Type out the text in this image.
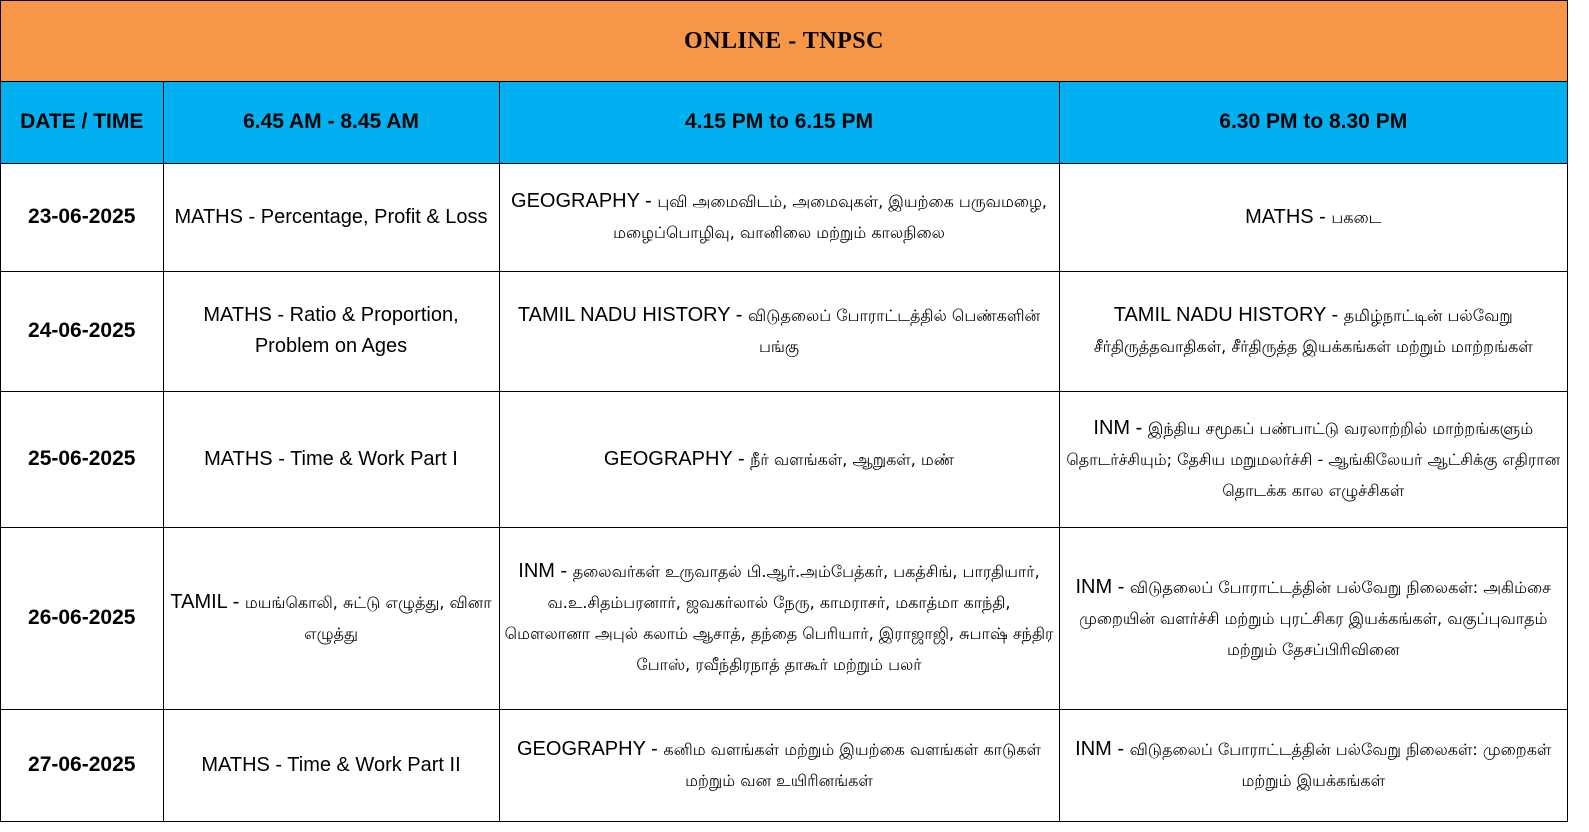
ONLINE - TNPSC
DATE / TIME	6.45 AM - 8.45 AM	4.15 PM to 6.15 PM	6.30 PM to 8.30 PM
23-06-2025	MATHS - Percentage, Profit & Loss	GEOGRAPHY - புவி அமைவிடம், அமைவுகள், இயற்கை பருவமழை, மழைப்பொழிவு, வானிலை மற்றும் காலநிலை	MATHS - பகடை
24-06-2025	MATHS - Ratio & Proportion, Problem on Ages	TAMIL NADU HISTORY - விடுதலைப் போராட்டத்தில் பெண்களின் பங்கு	TAMIL NADU HISTORY - தமிழ்நாட்டின் பல்வேறு சீர்திருத்தவாதிகள், சீர்திருத்த இயக்கங்கள் மற்றும் மாற்றங்கள்
25-06-2025	MATHS - Time & Work Part I	GEOGRAPHY - நீர் வளங்கள், ஆறுகள், மண்	INM - இந்திய சமூகப் பண்பாட்டு வரலாற்றில் மாற்றங்களும் தொடர்ச்சியும்; தேசிய மறுமலர்ச்சி - ஆங்கிலேயர் ஆட்சிக்கு எதிரான தொடக்க கால எழுச்சிகள்
26-06-2025	TAMIL - மயங்கொலி, சுட்டு எழுத்து, வினா எழுத்து	INM - தலைவர்கள் உருவாதல் பி.ஆர்.அம்பேத்கர், பகத்சிங், பாரதியார், வ.உ.சிதம்பரனார், ஜவகர்லால் நேரு, காமராசர், மகாத்மா காந்தி, மௌலானா அபுல் கலாம் ஆசாத், தந்தை பெரியார், இராஜாஜி, சுபாஷ் சந்திர போஸ், ரவீந்திரநாத் தாகூர் மற்றும் பலர்	INM - விடுதலைப் போராட்டத்தின் பல்வேறு நிலைகள்: அகிம்சை முறையின் வளர்ச்சி மற்றும் புரட்சிகர இயக்கங்கள், வகுப்புவாதம் மற்றும் தேசப்பிரிவினை
27-06-2025	MATHS - Time & Work Part II	GEOGRAPHY - கனிம வளங்கள் மற்றும் இயற்கை வளங்கள் காடுகள் மற்றும் வன உயிரினங்கள்	INM - விடுதலைப் போராட்டத்தின் பல்வேறு நிலைகள்: முறைகள் மற்றும் இயக்கங்கள்
